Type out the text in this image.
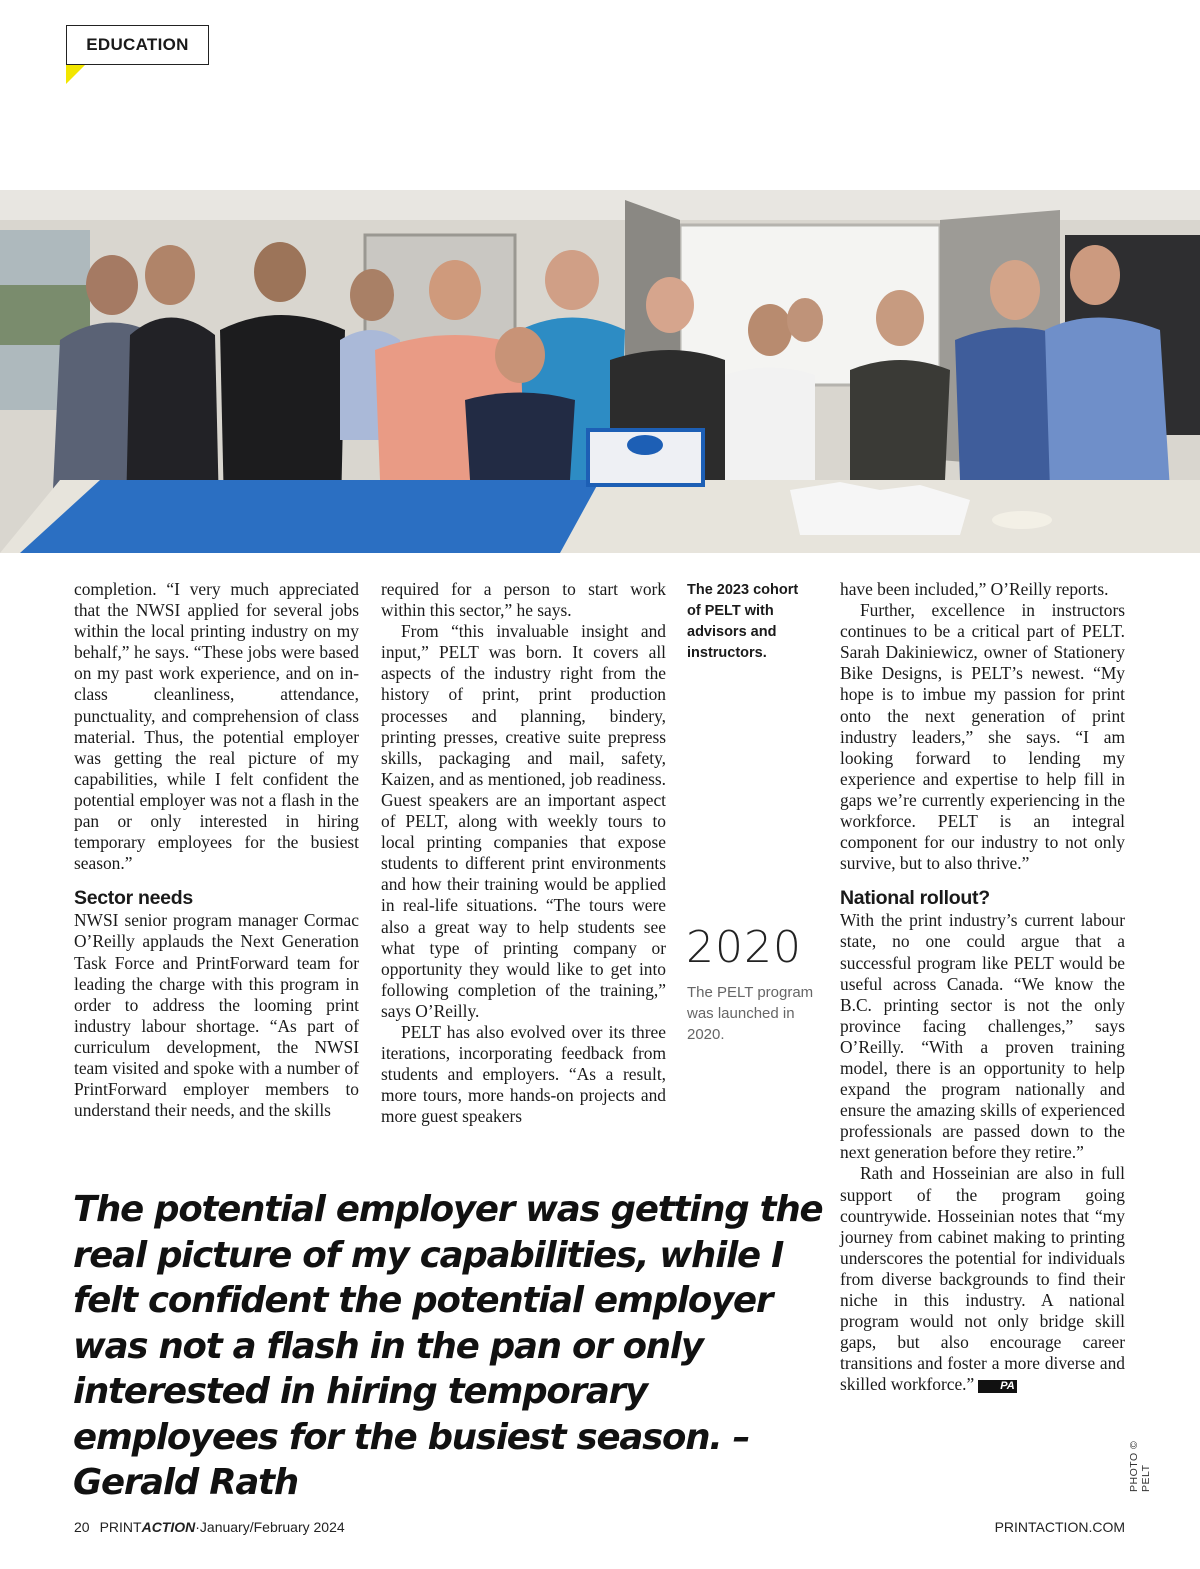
EDUCATION
PHOTO © PELT

completion. “I very much appreciated that the NWSI applied for several jobs within the local printing industry on my behalf,” he says. “These jobs were based on my past work experience, and on in-class cleanliness, attendance, punctuality, and comprehension of class material. Thus, the potential employer was getting the real picture of my capabilities, while I felt confident the potential employer was not a flash in the pan or only interested in hiring temporary employees for the busiest season.”

Sector needs

NWSI senior program manager Cormac O’Reilly applauds the Next Generation Task Force and PrintForward team for leading the charge with this program in order to address the looming print industry labour shortage. “As part of curriculum development, the NWSI team visited and spoke with a number of PrintForward employer members to understand their needs, and the skills

required for a person to start work within this sector,” he says.

From “this invaluable insight and input,” PELT was born. It covers all aspects of the industry right from the history of print, print production processes and planning, bindery, printing presses, creative suite prepress skills, packaging and mail, safety, Kaizen, and as mentioned, job readiness. Guest speakers are an important aspect of PELT, along with weekly tours to local printing companies that expose students to different print environments and how their training would be applied in real-life situations. “The tours were also a great way to help students see what type of printing company or opportunity they would like to get into following completion of the training,” says O’Reilly.

PELT has also evolved over its three iterations, incorporating feedback from students and employers. “As a result, more tours, more hands-on projects and more guest speakers

The 2023 cohort of PELT with advisors and instructors.
2020
The PELT program was launched in 2020.

have been included,” O’Reilly reports.

Further, excellence in instructors continues to be a critical part of PELT. Sarah Dakiniewicz, owner of Stationery Bike Designs, is PELT’s newest. “My hope is to imbue my passion for print onto the next generation of print industry leaders,” she says. “I am looking forward to lending my experience and expertise to help fill in gaps we’re currently experiencing in the workforce. PELT is an integral component for our industry to not only survive, but to also thrive.”

National rollout?

With the print industry’s current labour state, no one could argue that a successful program like PELT would be useful across Canada. “We know the B.C. printing sector is not the only province facing challenges,” says O’Reilly. “With a proven training model, there is an opportunity to help expand the program nationally and ensure the amazing skills of experienced professionals are passed down to the next generation before they retire.”

Rath and Hosseinian are also in full support of the program going countrywide. Hosseinian notes that “my journey from cabinet making to printing underscores the potential for individuals from diverse backgrounds to find their niche in this industry. A national program would not only bridge skill gaps, but also encourage career transitions and foster a more diverse and skilled workforce.” PA

The potential employer was getting the real picture of my capabilities, while I felt confident the potential employer was not a flash in the pan or only interested in hiring temporary employees for the busiest season. – Gerald Rath

20 PRINTACTION·January/February 2024	PRINTACTION.COM
